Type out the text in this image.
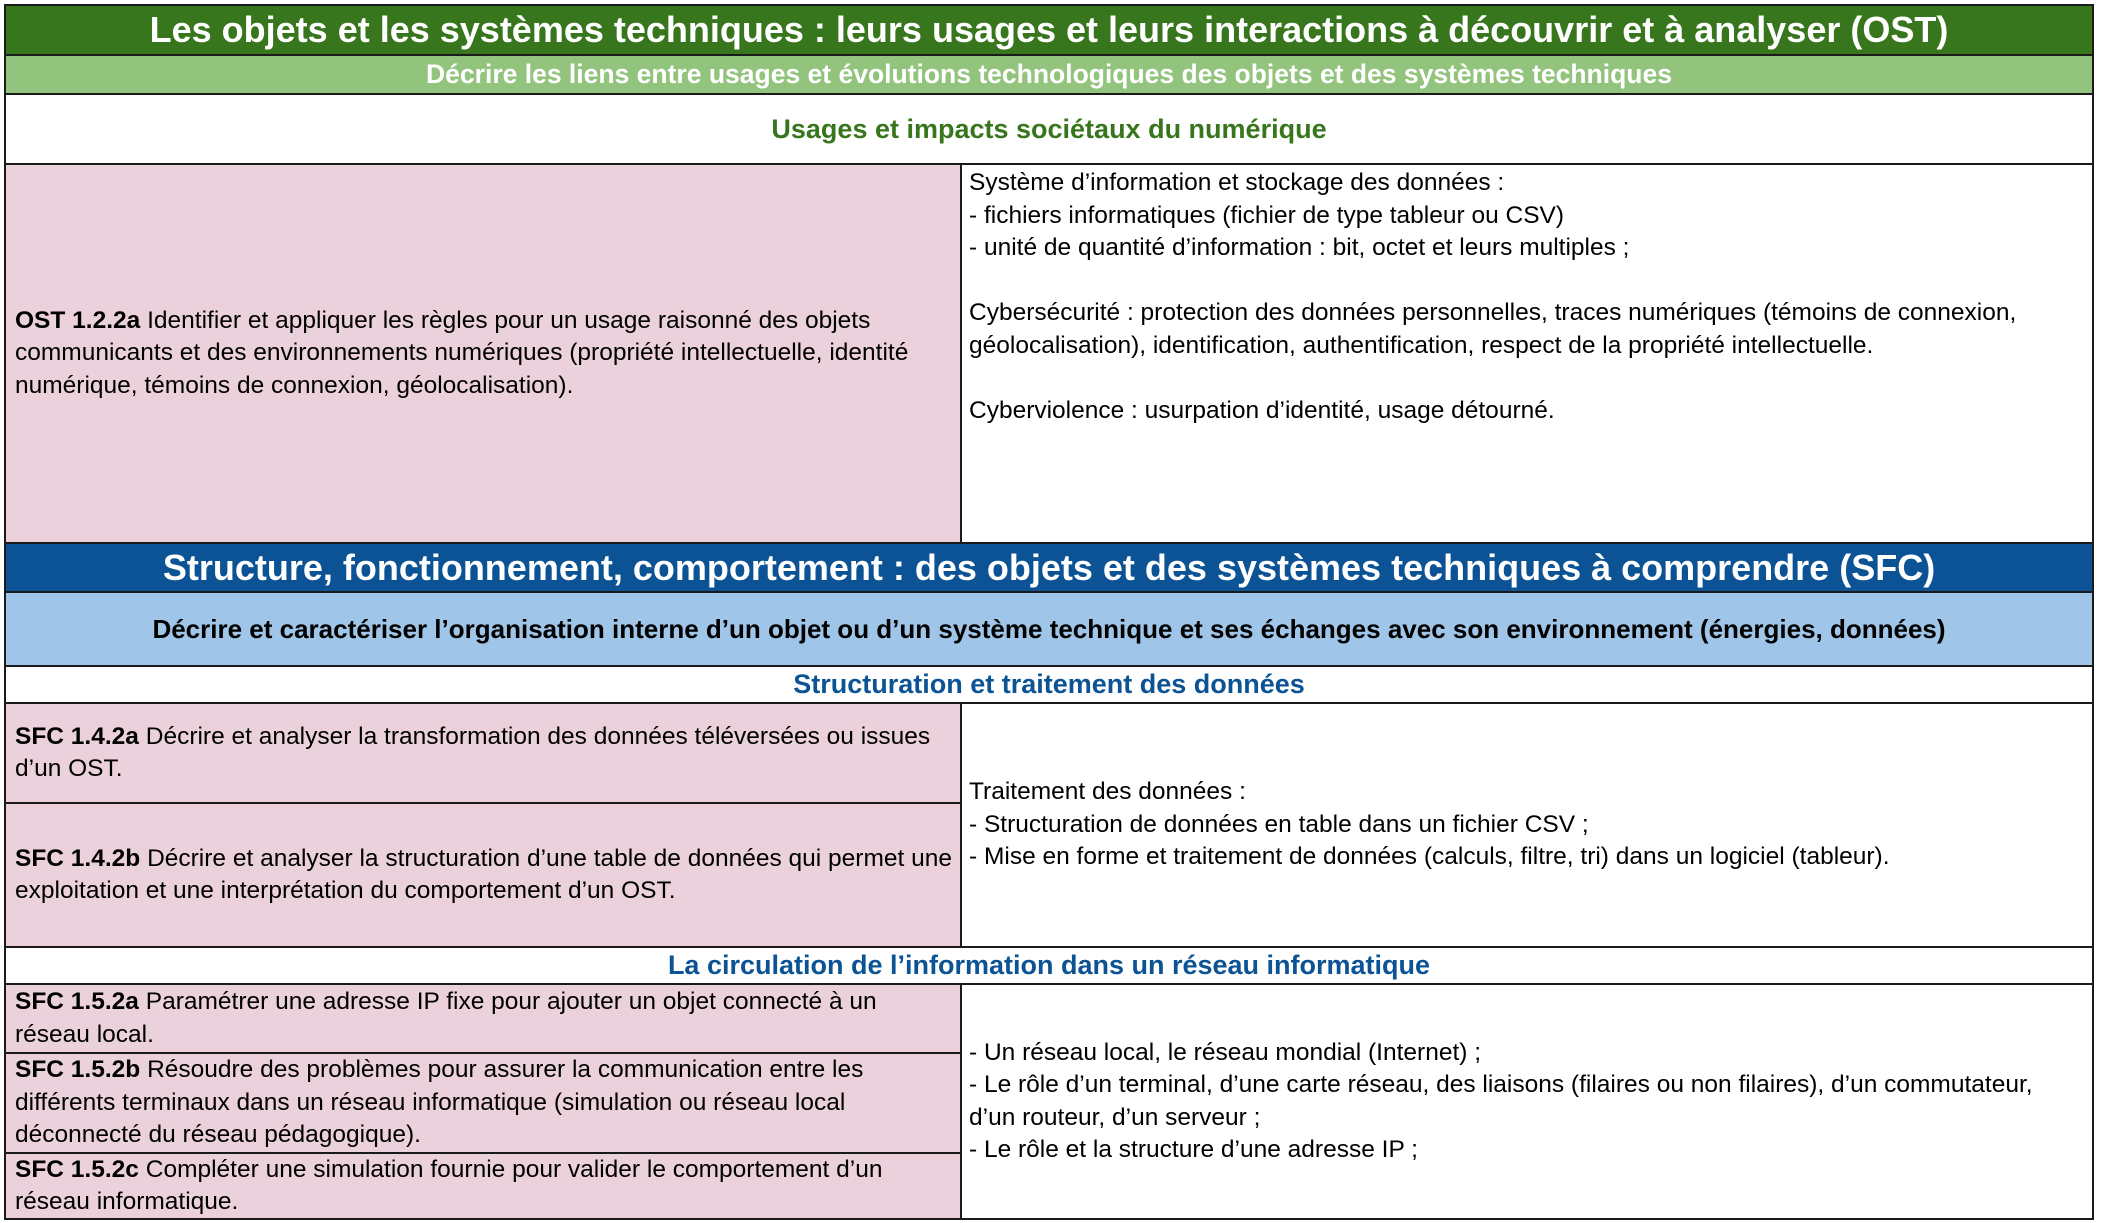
Les objets et les systèmes techniques : leurs usages et leurs interactions à découvrir et à analyser (OST)
Décrire les liens entre usages et évolutions technologiques des objets et des systèmes techniques
Usages et impacts sociétaux du numérique
OST 1.2.2a Identifier et appliquer les règles pour un usage raisonné des objets communicants et des environnements numériques (propriété intellectuelle, identité numérique, témoins de connexion, géolocalisation).

Système d’information et stockage des données :

- fichiers informatiques (fichier de type tableur ou CSV)

- unité de quantité d’information : bit, octet et leurs multiples ;

Cybersécurité : protection des données personnelles, traces numériques (témoins de connexion, géolocalisation), identification, authentification, respect de la propriété intellectuelle.

Cyberviolence : usurpation d’identité, usage détourné.

Structure, fonctionnement, comportement : des objets et des systèmes techniques à comprendre (SFC)
Décrire et caractériser l’organisation interne d’un objet ou d’un système technique et ses échanges avec son environnement (énergies, données)
Structuration et traitement des données
SFC 1.4.2a Décrire et analyser la transformation des données téléversées ou issues d’un OST.
SFC 1.4.2b Décrire et analyser la structuration d’une table de données qui permet une exploitation et une interprétation du comportement d’un OST.

Traitement des données :

- Structuration de données en table dans un fichier CSV ;

- Mise en forme et traitement de données (calculs, filtre, tri) dans un logiciel (tableur).

La circulation de l’information dans un réseau informatique
SFC 1.5.2a Paramétrer une adresse IP fixe pour ajouter un objet connecté à un réseau local.
SFC 1.5.2b Résoudre des problèmes pour assurer la communication entre les différents terminaux dans un réseau informatique (simulation ou réseau local déconnecté du réseau pédagogique).
SFC 1.5.2c Compléter une simulation fournie pour valider le comportement d’un réseau informatique.

- Un réseau local, le réseau mondial (Internet) ;

- Le rôle d’un terminal, d’une carte réseau, des liaisons (filaires ou non filaires), d’un commutateur, d’un routeur, d’un serveur ;

- Le rôle et la structure d’une adresse IP ;
